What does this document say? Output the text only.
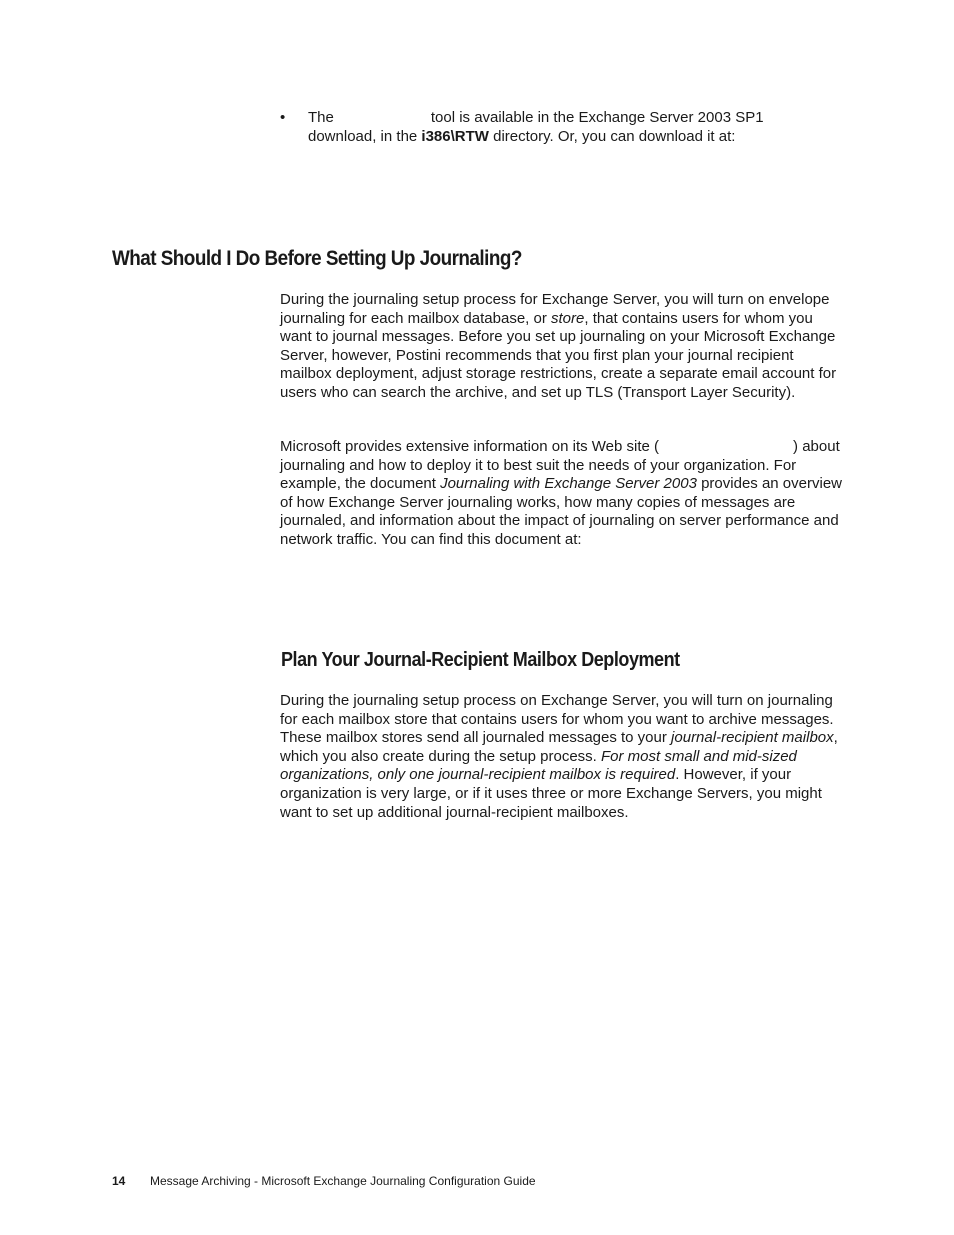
• The	tool is available in the Exchange Server 2003 SP1 download, in the i386\RTW directory. Or, you can download it at:
What Should I Do Before Setting Up Journaling?

During the journaling setup process for Exchange Server, you will turn on envelope journaling for each mailbox database, or store, that contains users for whom you want to journal messages. Before you set up journaling on your Microsoft Exchange Server, however, Postini recommends that you first plan your journal recipient mailbox deployment, adjust storage restrictions, create a separate email account for users who can search the archive, and set up TLS (Transport Layer Security).

Microsoft provides extensive information on its Web site (	) about journaling and how to deploy it to best suit the needs of your organization. For example, the document Journaling with Exchange Server 2003 provides an overview of how Exchange Server journaling works, how many copies of messages are journaled, and information about the impact of journaling on server performance and network traffic. You can find this document at:

Plan Your Journal-Recipient Mailbox Deployment

During the journaling setup process on Exchange Server, you will turn on journaling for each mailbox store that contains users for whom you want to archive messages. These mailbox stores send all journaled messages to your journal-recipient mailbox, which you also create during the setup process. For most small and mid-sized organizations, only one journal-recipient mailbox is required. However, if your organization is very large, or if it uses three or more Exchange Servers, you might want to set up additional journal-recipient mailboxes.

14 Message Archiving - Microsoft Exchange Journaling Configuration Guide
